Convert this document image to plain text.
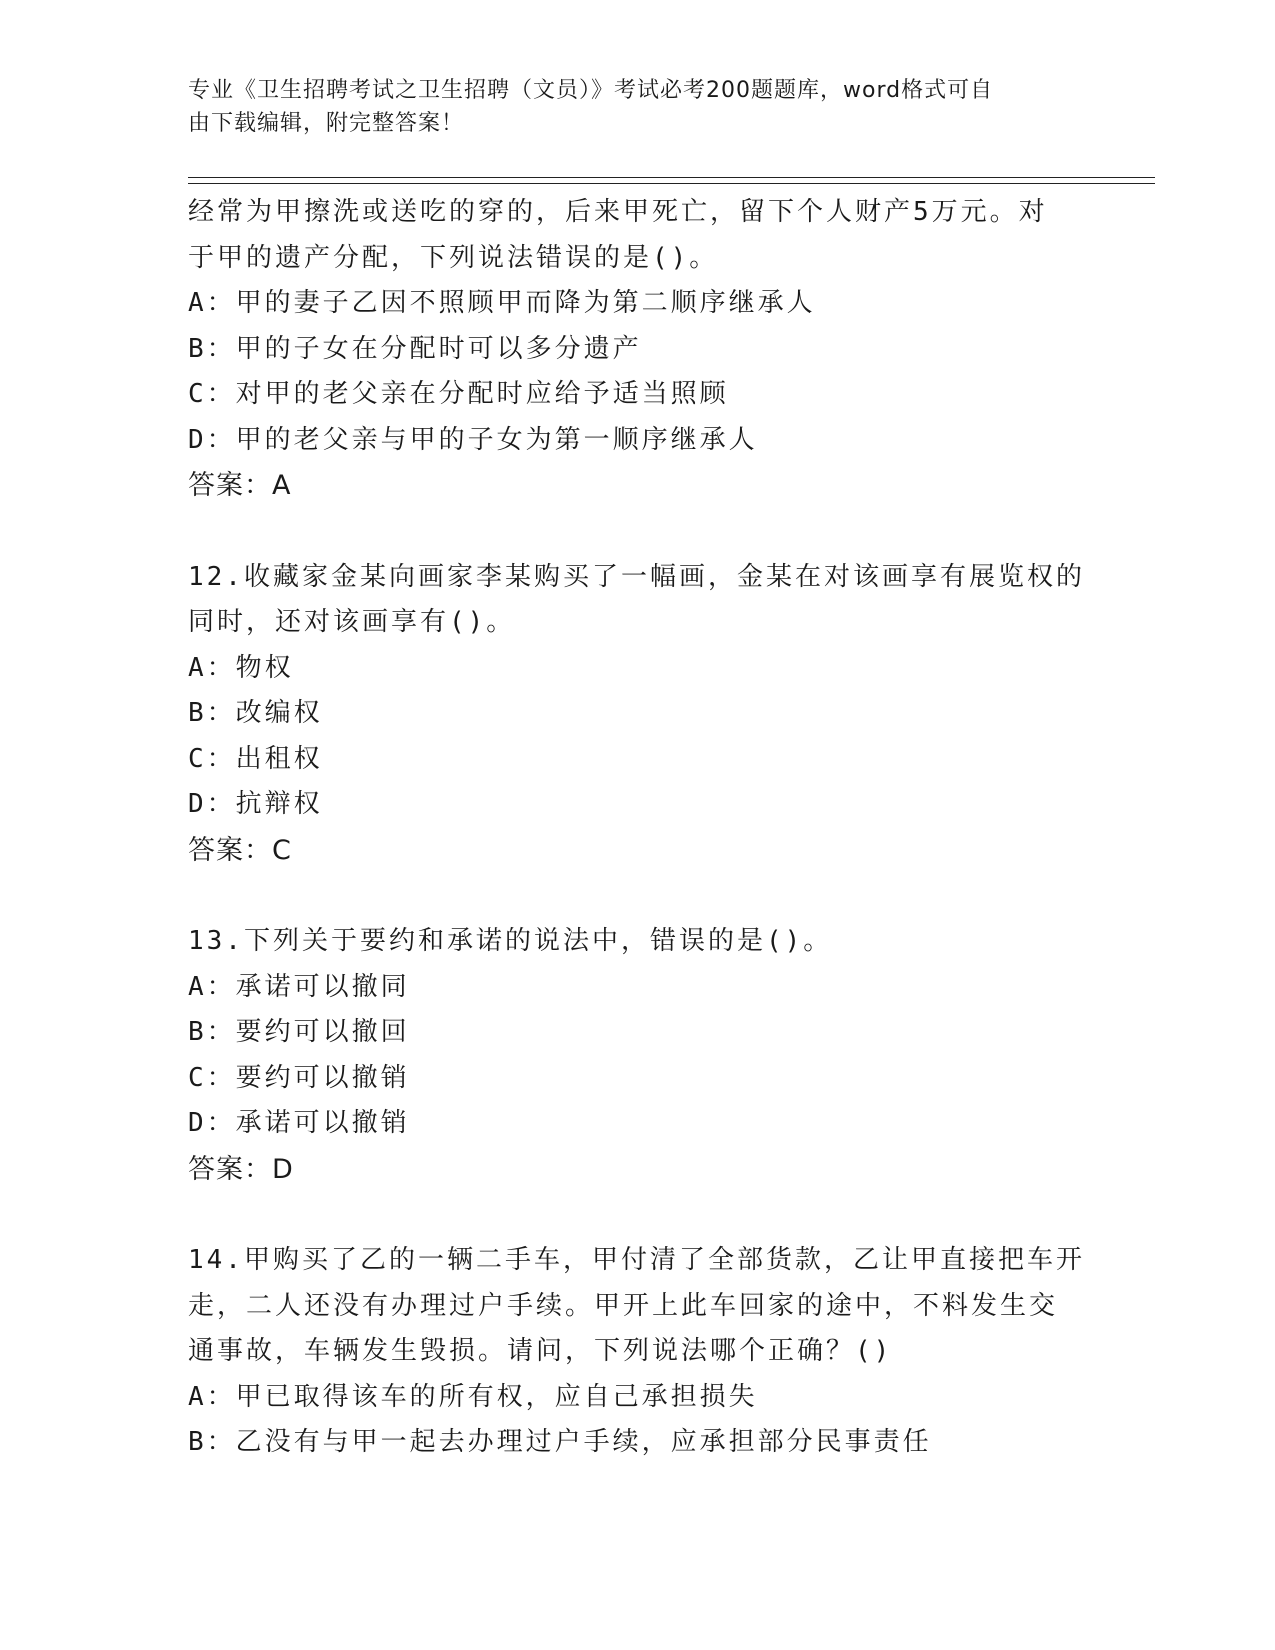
专业《卫生招聘考试之卫生招聘（文员）》考试必考200题题库，word格式可自
由下载编辑，附完整答案！
经常为甲擦洗或送吃的穿的，后来甲死亡，留下个人财产5万元。对
于甲的遗产分配，下列说法错误的是()。
A：甲的妻子乙因不照顾甲而降为第二顺序继承人
B：甲的子女在分配时可以多分遗产
C：对甲的老父亲在分配时应给予适当照顾
D：甲的老父亲与甲的子女为第一顺序继承人
答案：A
12.收藏家金某向画家李某购买了一幅画，金某在对该画享有展览权的
同时，还对该画享有()。
A：物权
B：改编权
C：出租权
D：抗辩权
答案：C
13.下列关于要约和承诺的说法中，错误的是()。
A：承诺可以撤同
B：要约可以撤回
C：要约可以撤销
D：承诺可以撤销
答案：D
14.甲购买了乙的一辆二手车，甲付清了全部货款，乙让甲直接把车开
走，二人还没有办理过户手续。甲开上此车回家的途中，不料发生交
通事故，车辆发生毁损。请问，下列说法哪个正确？()
A：甲已取得该车的所有权，应自己承担损失
B：乙没有与甲一起去办理过户手续，应承担部分民事责任
